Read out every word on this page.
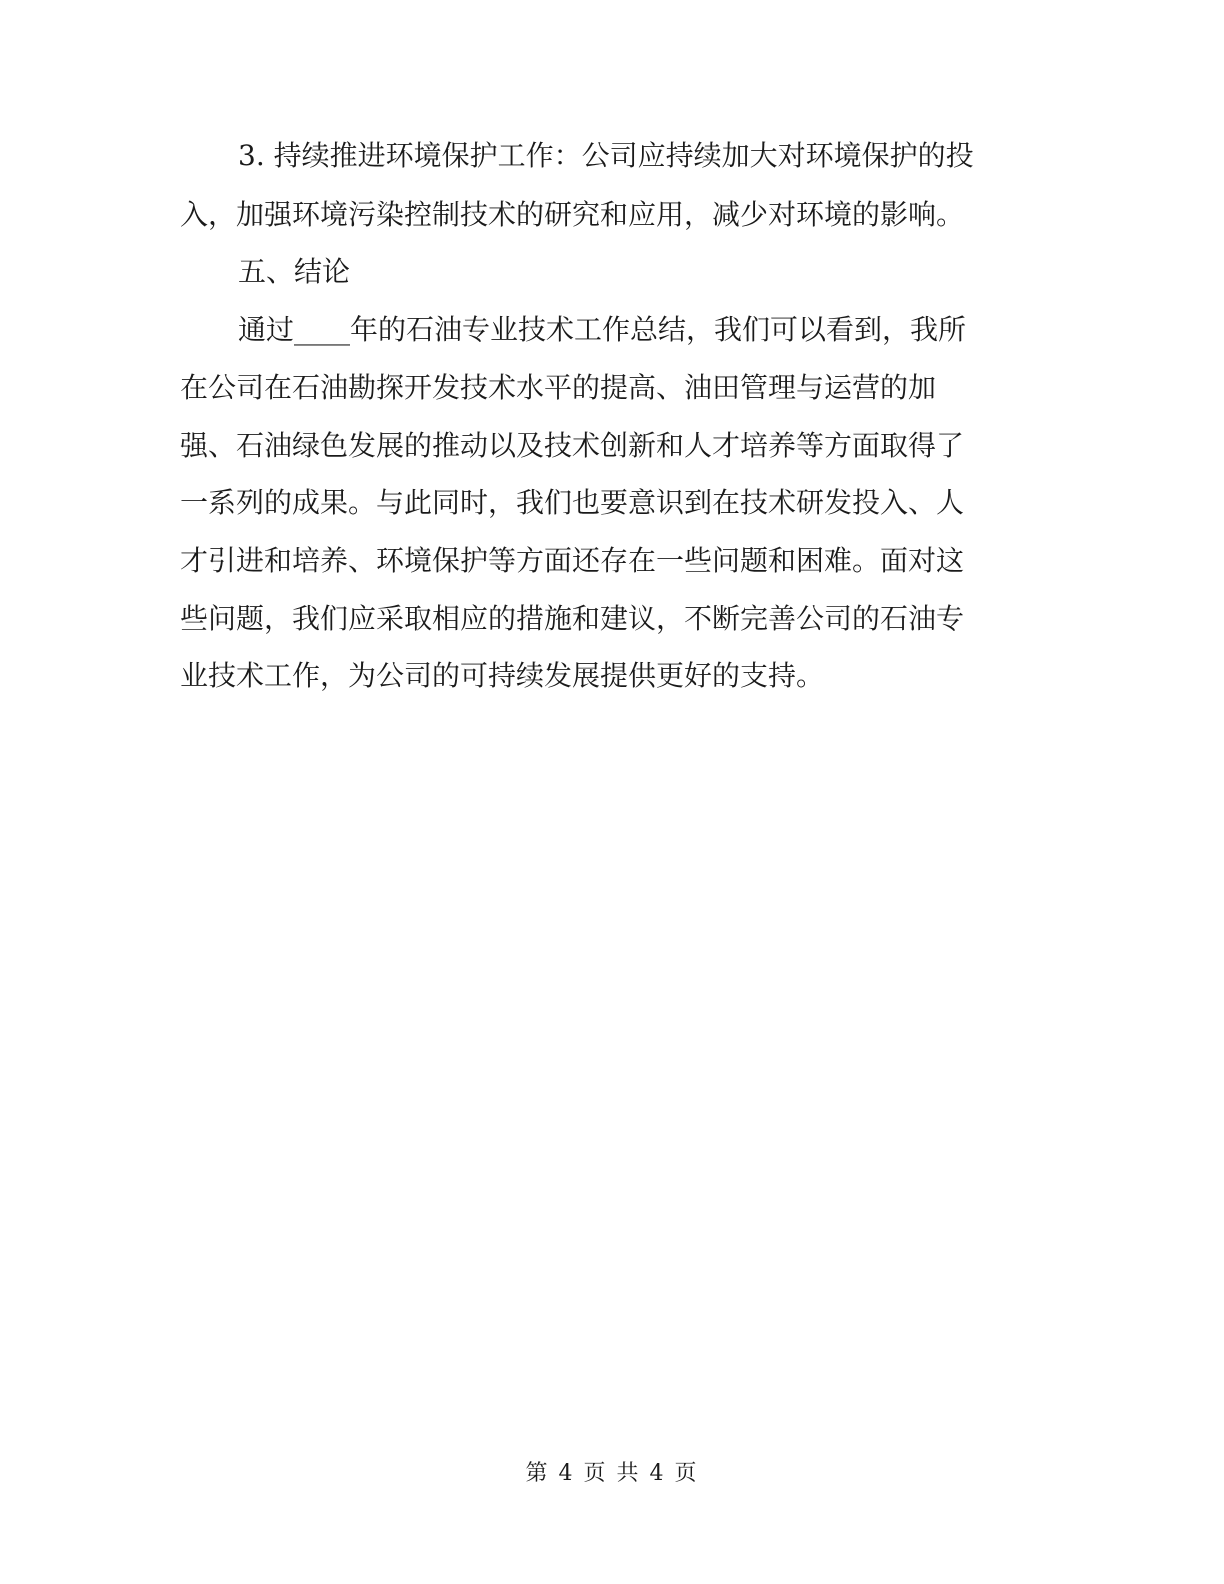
3. 持续推进环境保护工作：公司应持续加大对环境保护的投
入，加强环境污染控制技术的研究和应用，减少对环境的影响。
五、结论
通过____年的石油专业技术工作总结，我们可以看到，我所
在公司在石油勘探开发技术水平的提高、油田管理与运营的加
强、石油绿色发展的推动以及技术创新和人才培养等方面取得了
一系列的成果。与此同时，我们也要意识到在技术研发投入、人
才引进和培养、环境保护等方面还存在一些问题和困难。面对这
些问题，我们应采取相应的措施和建议，不断完善公司的石油专
业技术工作，为公司的可持续发展提供更好的支持。
第 4 页 共 4 页
